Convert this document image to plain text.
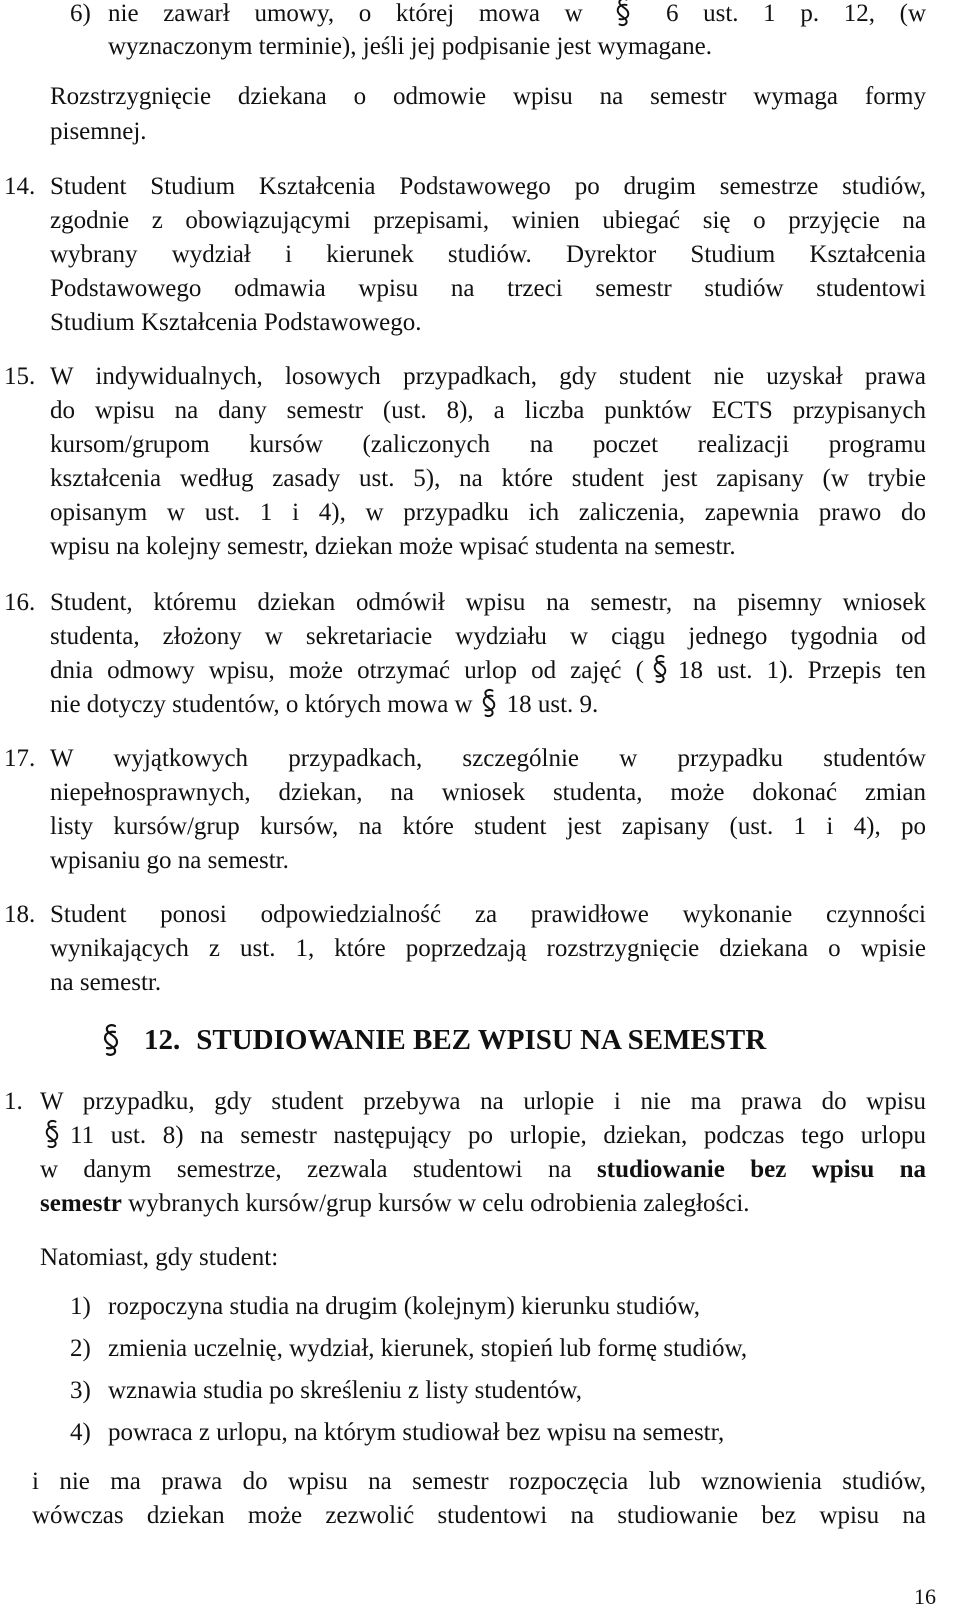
6) nie zawarł umowy, o której mowa w	6 ust. 1 p. 12, (w

wyznaczonym terminie), jeśli jej podpisanie jest wymagane.

Rozstrzygnięcie dziekana o odmowie wpisu na semestr wymaga formy

pisemnej.

14. Student Studium Kształcenia Podstawowego po drugim semestrze studiów,

zgodnie z obowiązującymi przepisami, winien ubiegać się o przyjęcie na

wybrany wydział i kierunek studiów. Dyrektor Studium Kształcenia

Podstawowego odmawia wpisu na trzeci semestr studiów studentowi

Studium Kształcenia Podstawowego.

15. W indywidualnych, losowych przypadkach, gdy student nie uzyskał prawa

do wpisu na dany semestr (ust. 8), a liczba punktów ECTS przypisanych

kursom/grupom kursów (zaliczonych na poczet realizacji programu

kształcenia według zasady ust. 5), na które student jest zapisany (w trybie

opisanym w ust. 1 i 4), w przypadku ich zaliczenia, zapewnia prawo do

wpisu na kolejny semestr, dziekan może wpisać studenta na semestr.

16. Student, któremu dziekan odmówił wpisu na semestr, na pisemny wniosek

studenta, złożony w sekretariacie wydziału w ciągu jednego tygodnia od

dnia odmowy wpisu, może otrzymać urlop od zajęć ( 18 ust. 1). Przepis ten

nie dotyczy studentów, o których mowa w 18 ust. 9.

17. W wyjątkowych przypadkach, szczególnie w przypadku studentów

niepełnosprawnych, dziekan, na wniosek studenta, może dokonać zmian

listy kursów/grup kursów, na które student jest zapisany (ust. 1 i 4), po

wpisaniu go na semestr.

18. Student ponosi odpowiedzialność za prawidłowe wykonanie czynności

wynikających z ust. 1, które poprzedzają rozstrzygnięcie dziekana o wpisie

na semestr.

12. STUDIOWANIE BEZ WPISU NA SEMESTR

1. W przypadku, gdy student przebywa na urlopie i nie ma prawa do wpisu

11 ust. 8) na semestr następujący po urlopie, dziekan, podczas tego urlopu

w danym semestrze, zezwala studentowi na studiowanie bez wpisu na

semestr wybranych kursów/grup kursów w celu odrobienia zaległości.

Natomiast, gdy student:

1) rozpoczyna studia na drugim (kolejnym) kierunku studiów,

2) zmienia uczelnię, wydział, kierunek, stopień lub formę studiów,

3) wznawia studia po skreśleniu z listy studentów,

4) powraca z urlopu, na którym studiował bez wpisu na semestr,

i nie ma prawa do wpisu na semestr rozpoczęcia lub wznowienia studiów,

wówczas dziekan może zezwolić studentowi na studiowanie bez wpisu na

16
